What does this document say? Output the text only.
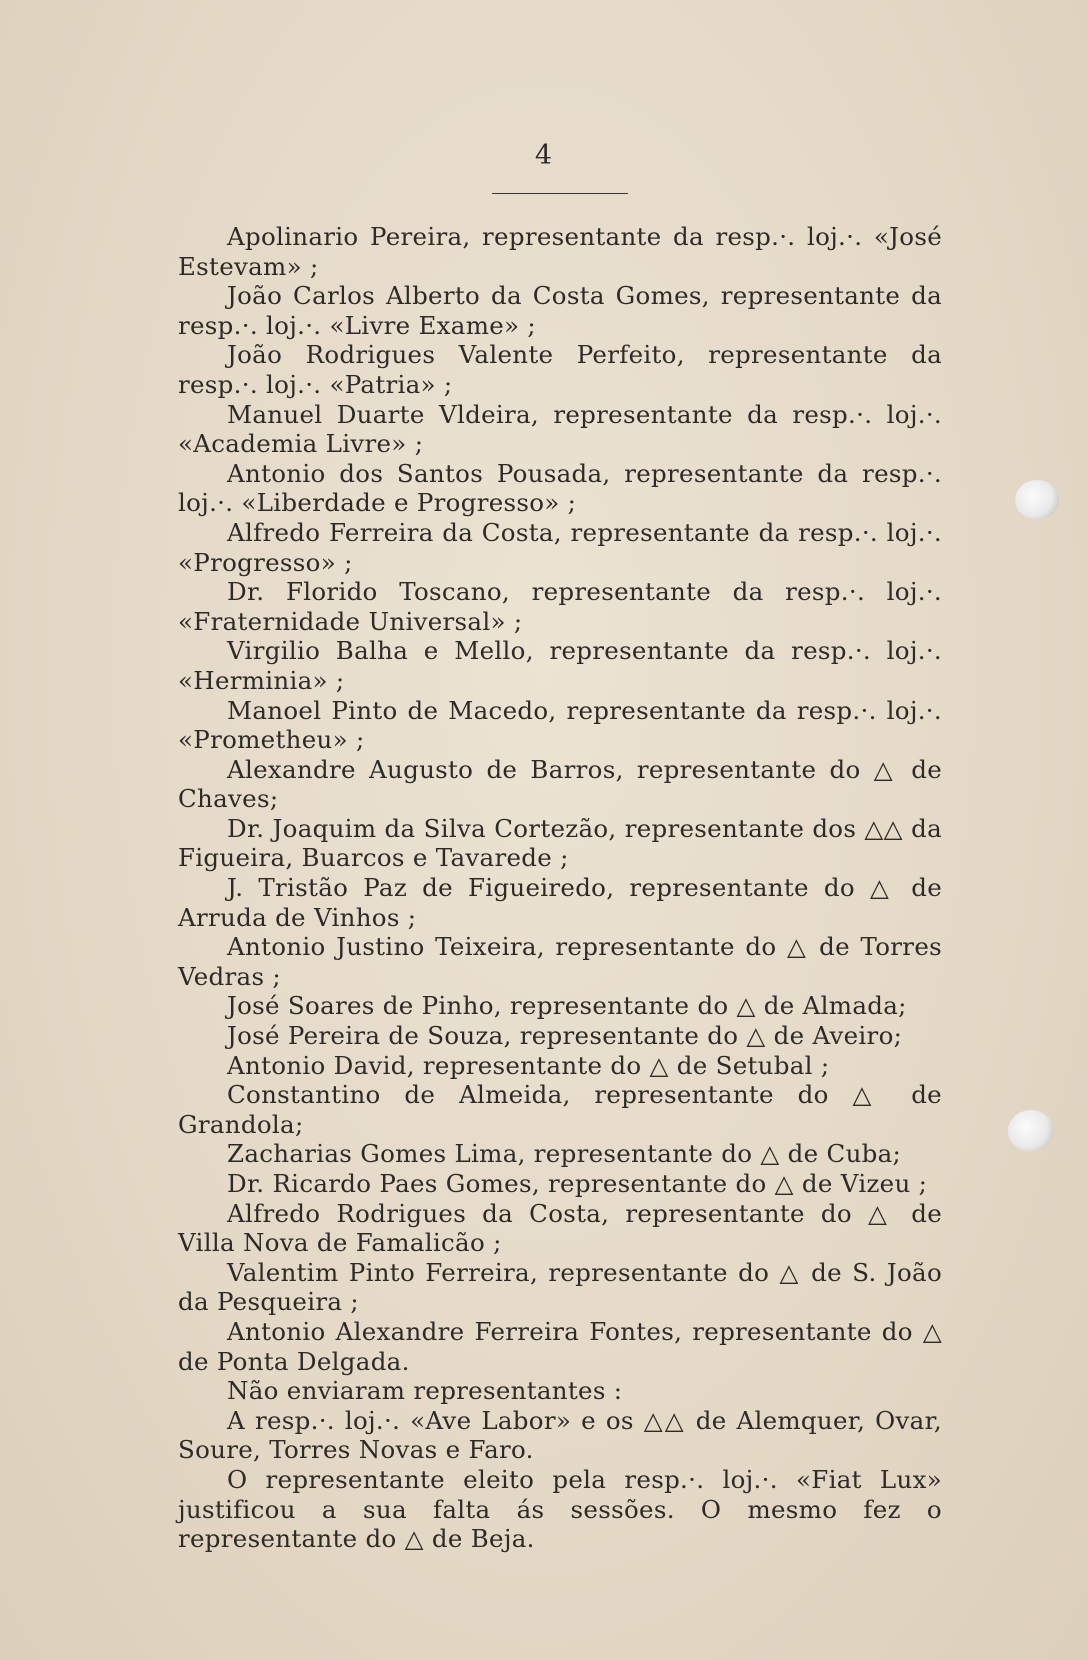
4

Apolinario Pereira, representante da resp.·. loj.·. «José Estevam» ;

João Carlos Alberto da Costa Gomes, representante da resp.·. loj.·. «Livre Exame» ;

João Rodrigues Valente Perfeito, representante da resp.·. loj.·. «Patria» ;

Manuel Duarte Vldeira, representante da resp.·. loj.·. «Academia Livre» ;

Antonio dos Santos Pousada, representante da resp.·. loj.·. «Liberdade e Progresso» ;

Alfredo Ferreira da Costa, representante da resp.·. loj.·. «Progresso» ;

Dr. Florido Toscano, representante da resp.·. loj.·. «Fraternidade Universal» ;

Virgilio Balha e Mello, representante da resp.·. loj.·. «Herminia» ;

Manoel Pinto de Macedo, representante da resp.·. loj.·. «Prometheu» ;

Alexandre Augusto de Barros, representante do △ de Chaves;

Dr. Joaquim da Silva Cortezão, representante dos △△ da Figueira, Buarcos e Tavarede ;

J. Tristão Paz de Figueiredo, representante do △ de Arruda de Vinhos ;

Antonio Justino Teixeira, representante do △ de Torres Vedras ;

José Soares de Pinho, representante do △ de Almada;

José Pereira de Souza, representante do △ de Aveiro;

Antonio David, representante do △ de Setubal ;

Constantino de Almeida, representante do △ de Grandola;

Zacharias Gomes Lima, representante do △ de Cuba;

Dr. Ricardo Paes Gomes, representante do △ de Vizeu ;

Alfredo Rodrigues da Costa, representante do △ de Villa Nova de Famalicão ;

Valentim Pinto Ferreira, representante do △ de S. João da Pesqueira ;

Antonio Alexandre Ferreira Fontes, representante do △ de Ponta Delgada.

Não enviaram representantes :

A resp.·. loj.·. «Ave Labor» e os △△ de Alemquer, Ovar, Soure, Torres Novas e Faro.

O representante eleito pela resp.·. loj.·. «Fiat Lux» justificou a sua falta ás sessões. O mesmo fez o representante do △ de Beja.
